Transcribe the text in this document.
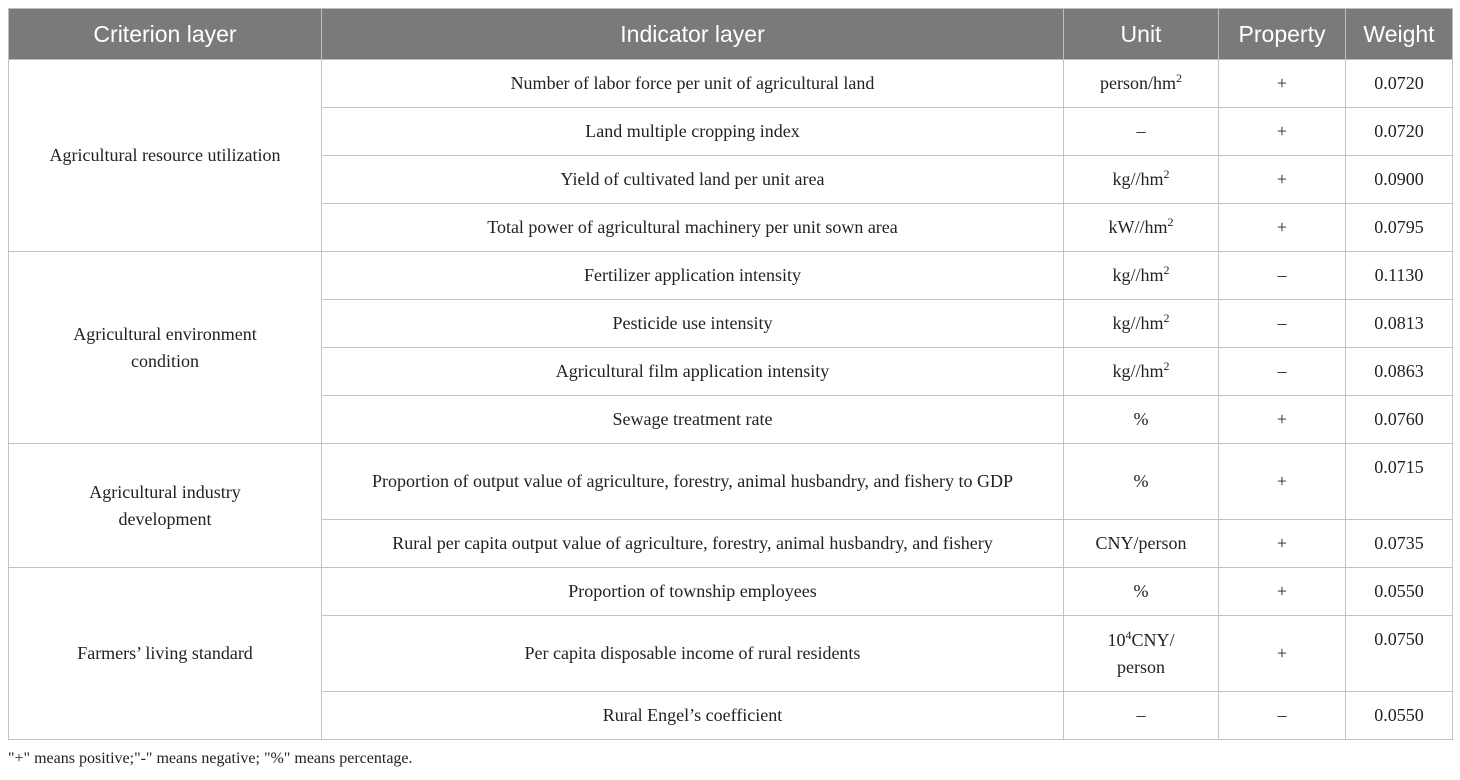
Criterion layer	Indicator layer	Unit	Property	Weight
Agricultural resource utilization	Number of labor force per unit of agricultural land	person/$hm^2$	+	0.0720
	Land multiple cropping index	–	+	0.0720
	Yield of cultivated land per unit area	$kg//hm^2$	+	0.0900
	Total power of agricultural machinery per unit sown area	$kW//hm^2$	+	0.0795
Agricultural environment condition	Fertilizer application intensity	$kg//hm^2$	–	0.1130
	Pesticide use intensity	$kg//hm^2$	–	0.0813
	Agricultural film application intensity	$kg//hm^2$	–	0.0863
	Sewage treatment rate	%	+	0.0760
Agricultural industry development	Proportion of output value of agriculture, forestry, animal husbandry, and fishery to GDP	%	+	0.0715
	Rural per capita output value of agriculture, forestry, animal husbandry, and fishery	CNY/person	+	0.0735
Farmers’ living standard	Proportion of township employees	%	+	0.0550
	Per capita disposable income of rural residents	$10^4CNY/$ person	+	0.0750
	Rural Engel’s coefficient	–	–	0.0550
"+" means positive;"-" means negative; "%" means percentage.
